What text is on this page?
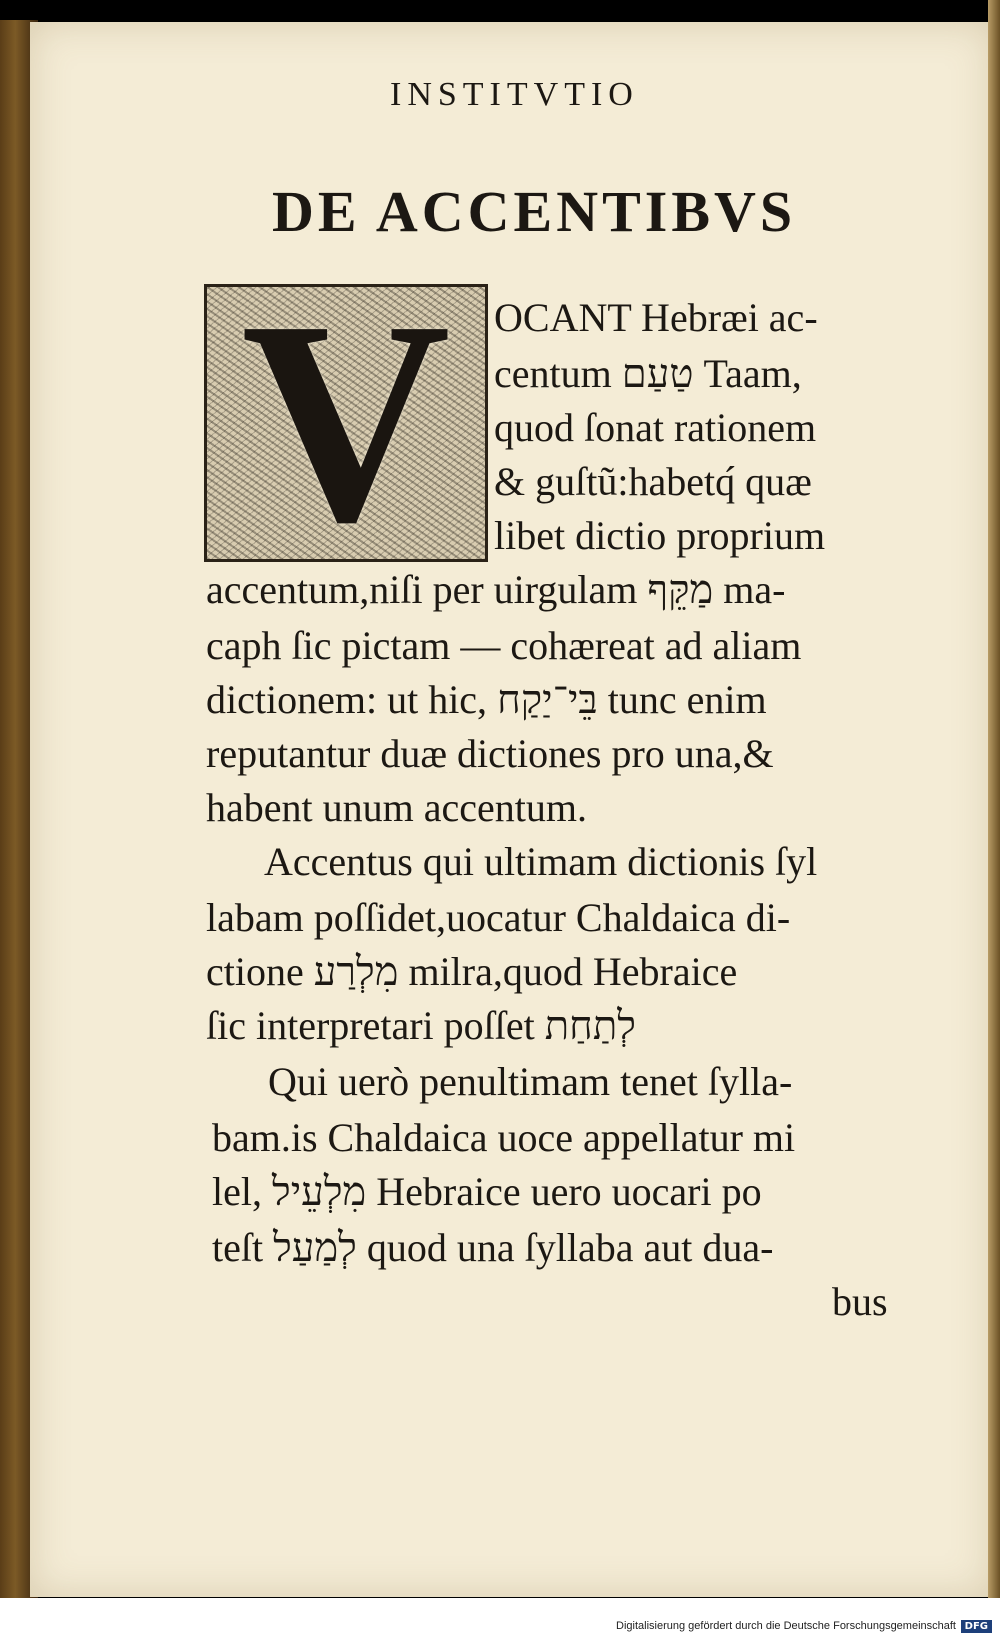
INSTITVTIO
DE ACCENTIBVS
V	OCANT Hebræi ac-
centum טַעַם Taam,
quod ſonat rationem
& guſtũ:habetq́ quæ
libet dictio proprium
accentum,niſi per uirgulam מַקֵּף ma-
caph ſic pictam — cohæreat ad aliam
dictionem: ut hic, בֵּי־יַקַח tunc enim
reputantur duæ dictiones pro una,&
habent unum accentum.
Accentus qui ultimam dictionis ſyl
labam poſſidet,uocatur Chaldaica di-
ctione מִלְרַע milra,quod Hebraice
ſic interpretari poſſet לְתַחַת
Qui uerò penultimam tenet ſylla-
bam.is Chaldaica uoce appellatur mi
lel, מִלְעֵיל Hebraice uero uocari po
teſt לְמַעַל quod una ſyllaba aut dua-
bus
Digitalisierung gefördert durch die Deutsche Forschungsgemeinschaft DFG
